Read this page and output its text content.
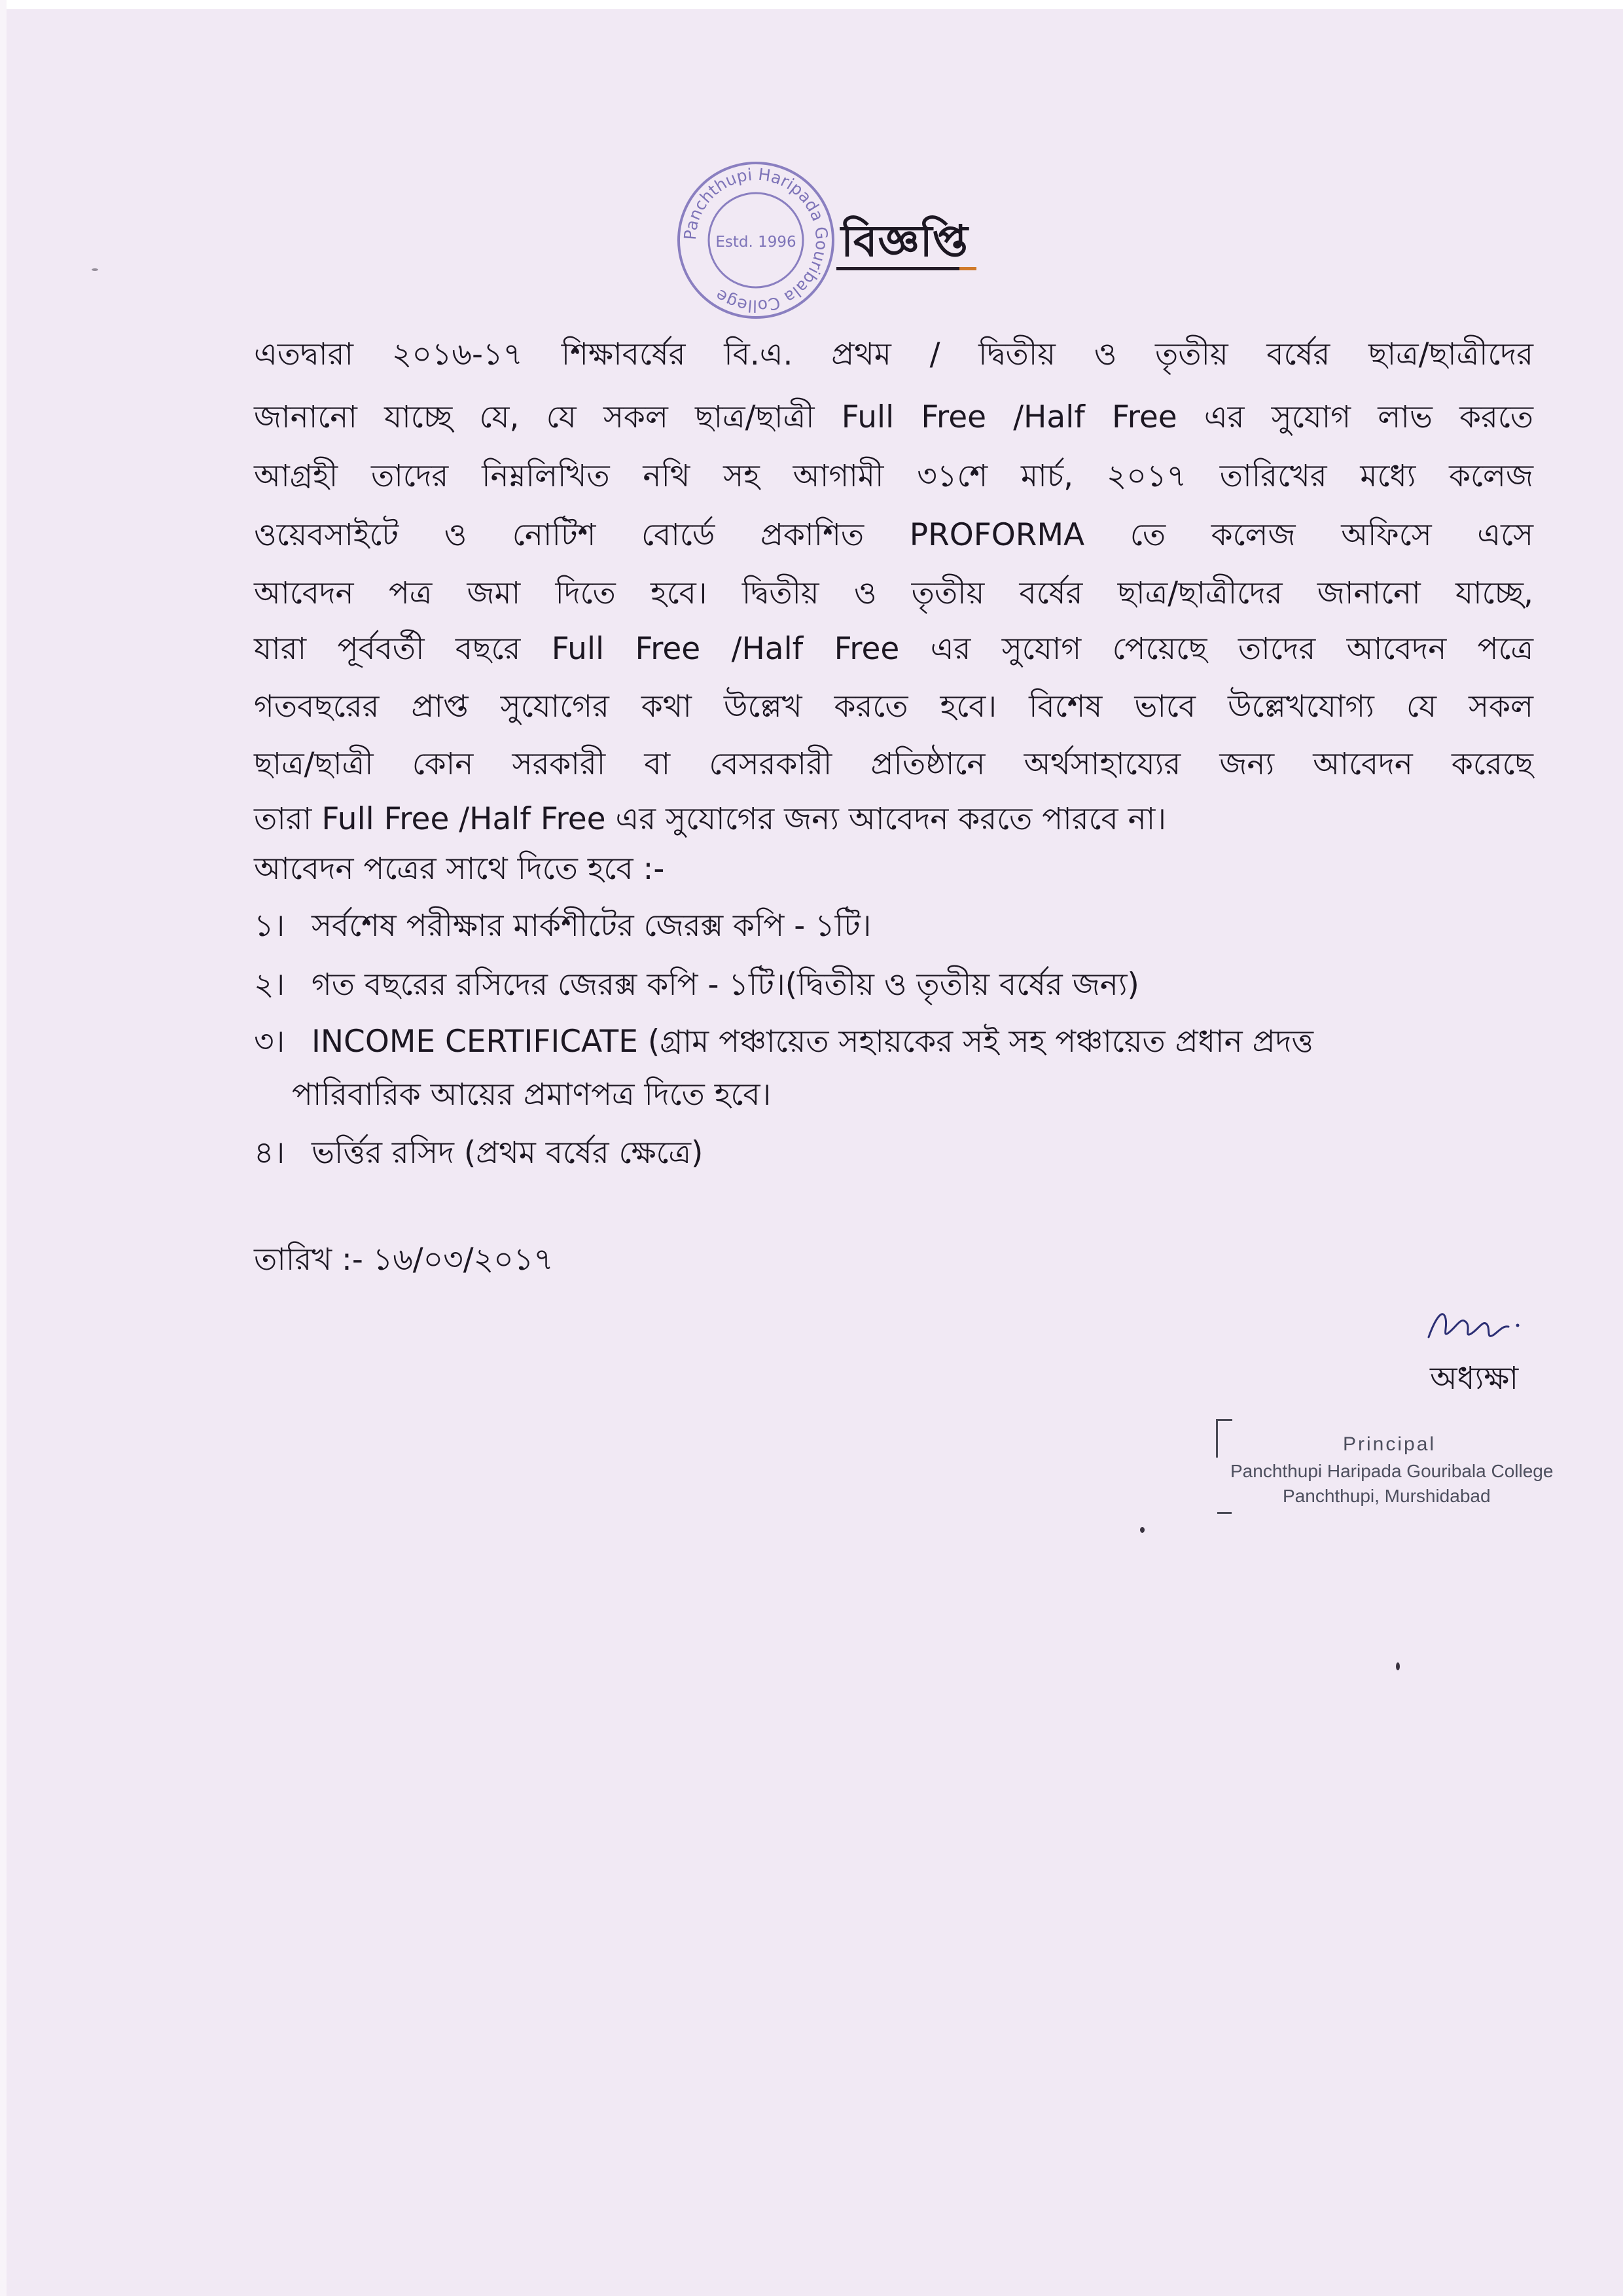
Panchthupi Haripada Gouribala College
Estd. 1996 বিজ্ঞপ্তি
এতদ্বারা ২০১৬-১৭ শিক্ষাবর্ষের বি.এ. প্রথম / দ্বিতীয় ও তৃতীয় বর্ষের ছাত্র/ছাত্রীদের
জানানো যাচ্ছে যে, যে সকল ছাত্র/ছাত্রী Full Free /Half Free এর সুযোগ লাভ করতে
আগ্রহী তাদের নিম্নলিখিত নথি সহ আগামী ৩১শে মার্চ, ২০১৭ তারিখের মধ্যে কলেজ
ওয়েবসাইটে ও নোটিশ বোর্ডে প্রকাশিত PROFORMA তে কলেজ অফিসে এসে
আবেদন পত্র জমা দিতে হবে। দ্বিতীয় ও তৃতীয় বর্ষের ছাত্র/ছাত্রীদের জানানো যাচ্ছে,
যারা পূর্ববর্তী বছরে Full Free /Half Free এর সুযোগ পেয়েছে তাদের আবেদন পত্রে
গতবছরের প্রাপ্ত সুযোগের কথা উল্লেখ করতে হবে। বিশেষ ভাবে উল্লেখযোগ্য যে সকল
ছাত্র/ছাত্রী কোন সরকারী বা বেসরকারী প্রতিষ্ঠানে অর্থসাহায্যের জন্য আবেদন করেছে
তারা Full Free /Half Free এর সুযোগের জন্য আবেদন করতে পারবে না।
আবেদন পত্রের সাথে দিতে হবে :-
১। সর্বশেষ পরীক্ষার মার্কশীটের জেরক্স কপি - ১টি।
২। গত বছরের রসিদের জেরক্স কপি - ১টি।(দ্বিতীয় ও তৃতীয় বর্ষের জন্য)
৩। INCOME CERTIFICATE (গ্রাম পঞ্চায়েত সহায়কের সই সহ পঞ্চায়েত প্রধান প্রদত্ত
পারিবারিক আয়ের প্রমাণপত্র দিতে হবে।
৪। ভর্ত্তির রসিদ (প্রথম বর্ষের ক্ষেত্রে)
তারিখ :- ১৬/০৩/২০১৭
অধ্যক্ষা
Principal
Panchthupi Haripada Gouribala College
Panchthupi, Murshidabad
